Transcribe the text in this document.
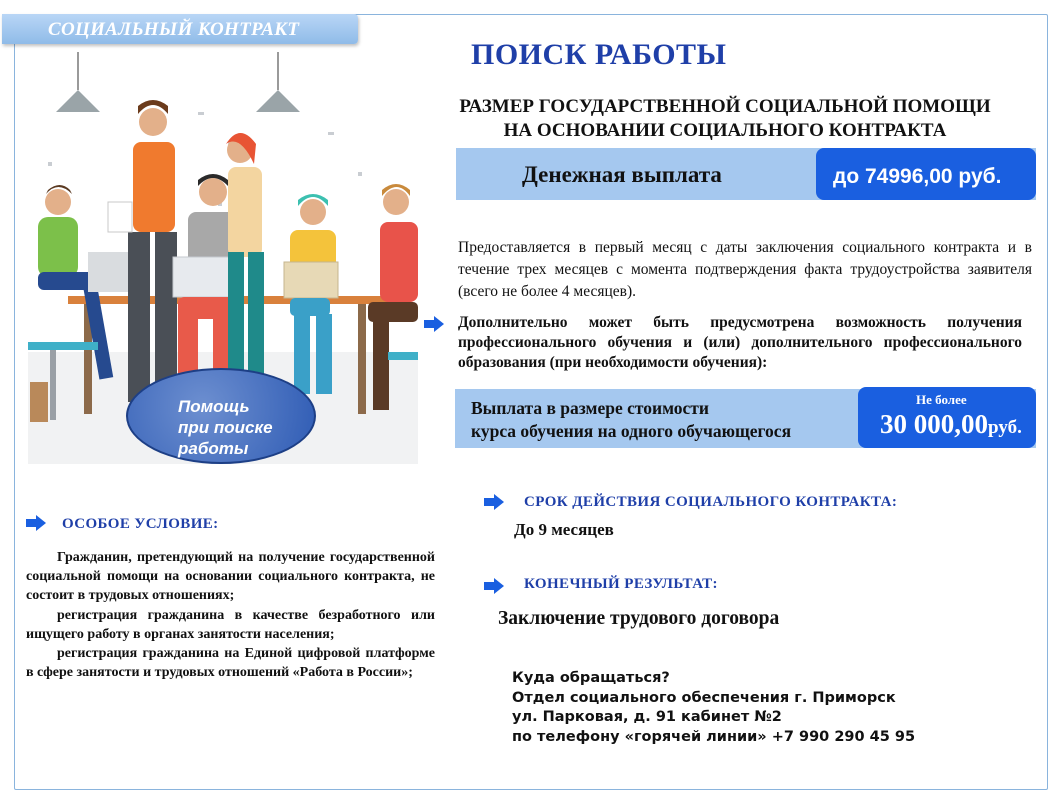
СОЦИАЛЬНЫЙ КОНТРАКТ
ПОИСК РАБОТЫ
РАЗМЕР ГОСУДАРСТВЕННОЙ СОЦИАЛЬНОЙ ПОМОЩИ
НА ОСНОВАНИИ СОЦИАЛЬНОГО КОНТРАКТА
Помощь
при поиске
работы
Денежная выплата	до 74996,00 руб.
Предоставляется в первый месяц с даты заключения социального контракта и в течение трех месяцев с момента подтверждения факта трудоустройства заявителя (всего не более 4 месяцев).
Дополнительно может быть предусмотрена возможность получения профессионального обучения и (или) дополнительного профессионального образования (при необходимости обучения):
Выплата в размере стоимости
курса обучения на одного обучающегося
Не более
30 000,00руб.
СРОК ДЕЙСТВИЯ СОЦИАЛЬНОГО КОНТРАКТА:
До 9 месяцев
КОНЕЧНЫЙ РЕЗУЛЬТАТ:
Заключение трудового договора
Куда обращаться?
Отдел социального обеспечения г. Приморск
ул. Парковая, д. 91 кабинет №2
по телефону «горячей линии» +7 990 290 45 95
ОСОБОЕ УСЛОВИЕ:

Гражданин, претендующий на получение государственной социальной помощи на основании социального контракта, не состоит в трудовых отношениях;

регистрация гражданина в качестве безработного или ищущего работу в органах занятости населения;

регистрация гражданина на Единой цифровой платформе в сфере занятости и трудовых отношений «Работа в России»;
